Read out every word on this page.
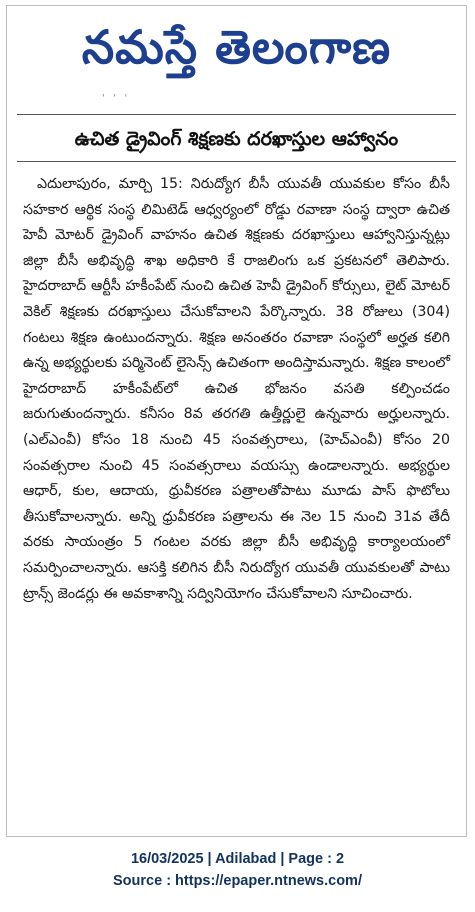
నమస్తే తెలంగాణ
ˈ ˈ ˈ
ఉచిత డ్రైవింగ్ శిక్షణకు దరఖాస్తుల ఆహ్వానం

ఎదులాపురం, మార్చి 15: నిరుద్యోగ బీసీ యువతీ యువకుల కోసం బీసీ సహకార ఆర్థిక సంస్థ లిమిటెడ్ ఆధ్వర్యంలో రోడ్డు రవాణా సంస్థ ద్వారా ఉచిత హెవీ మోటర్ డ్రైవింగ్ వాహనం ఉచిత శిక్షణకు దరఖాస్తులు ఆహ్వానిస్తున్నట్లు జిల్లా బీసీ అభివృద్ధి శాఖ అధికారి కే రాజలింగు ఒక ప్రకటనలో తెలిపారు. హైదరాబాద్ ఆర్టీసీ హకీంపేట్ నుంచి ఉచిత హెవీ డ్రైవింగ్ కోర్సులు, లైట్ మోటర్ వెకిల్ శిక్షణకు దరఖాస్తులు చేసుకోవాలని పేర్కొన్నారు. 38 రోజులు (304) గంటలు శిక్షణ ఉంటుందన్నారు. శిక్షణ అనంతరం రవాణా సంస్థలో అర్హత కలిగి ఉన్న అభ్యర్థులకు పర్మినెంట్ లైసెన్స్ ఉచితంగా అందిస్తామన్నారు. శిక్షణ కాలంలో హైదరాబాద్ హకీంపేట్‌లో ఉచిత భోజనం వసతి కల్పించడం జరుగుతుందన్నారు. కనీసం 8వ తరగతి ఉత్తీర్ణులై ఉన్నవారు అర్హులన్నారు. (ఎల్ఎంవీ) కోసం 18 నుంచి 45 సంవత్సరాలు, (హెచ్ఎంవీ) కోసం 20 సంవత్సరాల నుంచి 45 సంవత్సరాలు వయస్సు ఉండాలన్నారు. అభ్యర్థుల ఆధార్, కుల, ఆదాయ, ధ్రువీకరణ పత్రాలతోపాటు మూడు పాస్ ఫొటోలు తీసుకోవాలన్నారు. అన్ని ధ్రువీకరణ పత్రాలను ఈ నెల 15 నుంచి 31వ తేదీ వరకు సాయంత్రం 5 గంటల వరకు జిల్లా బీసీ అభివృద్ధి కార్యాలయంలో సమర్పించాలన్నారు. ఆసక్తి కలిగిన బీసీ నిరుద్యోగ యువతీ యువకులతో పాటు ట్రాన్స్ జెండర్లు ఈ అవకాశాన్ని సద్వినియోగం చేసుకోవాలని సూచించారు.

16/03/2025 | Adilabad | Page : 2
Source : https://epaper.ntnews.com/
